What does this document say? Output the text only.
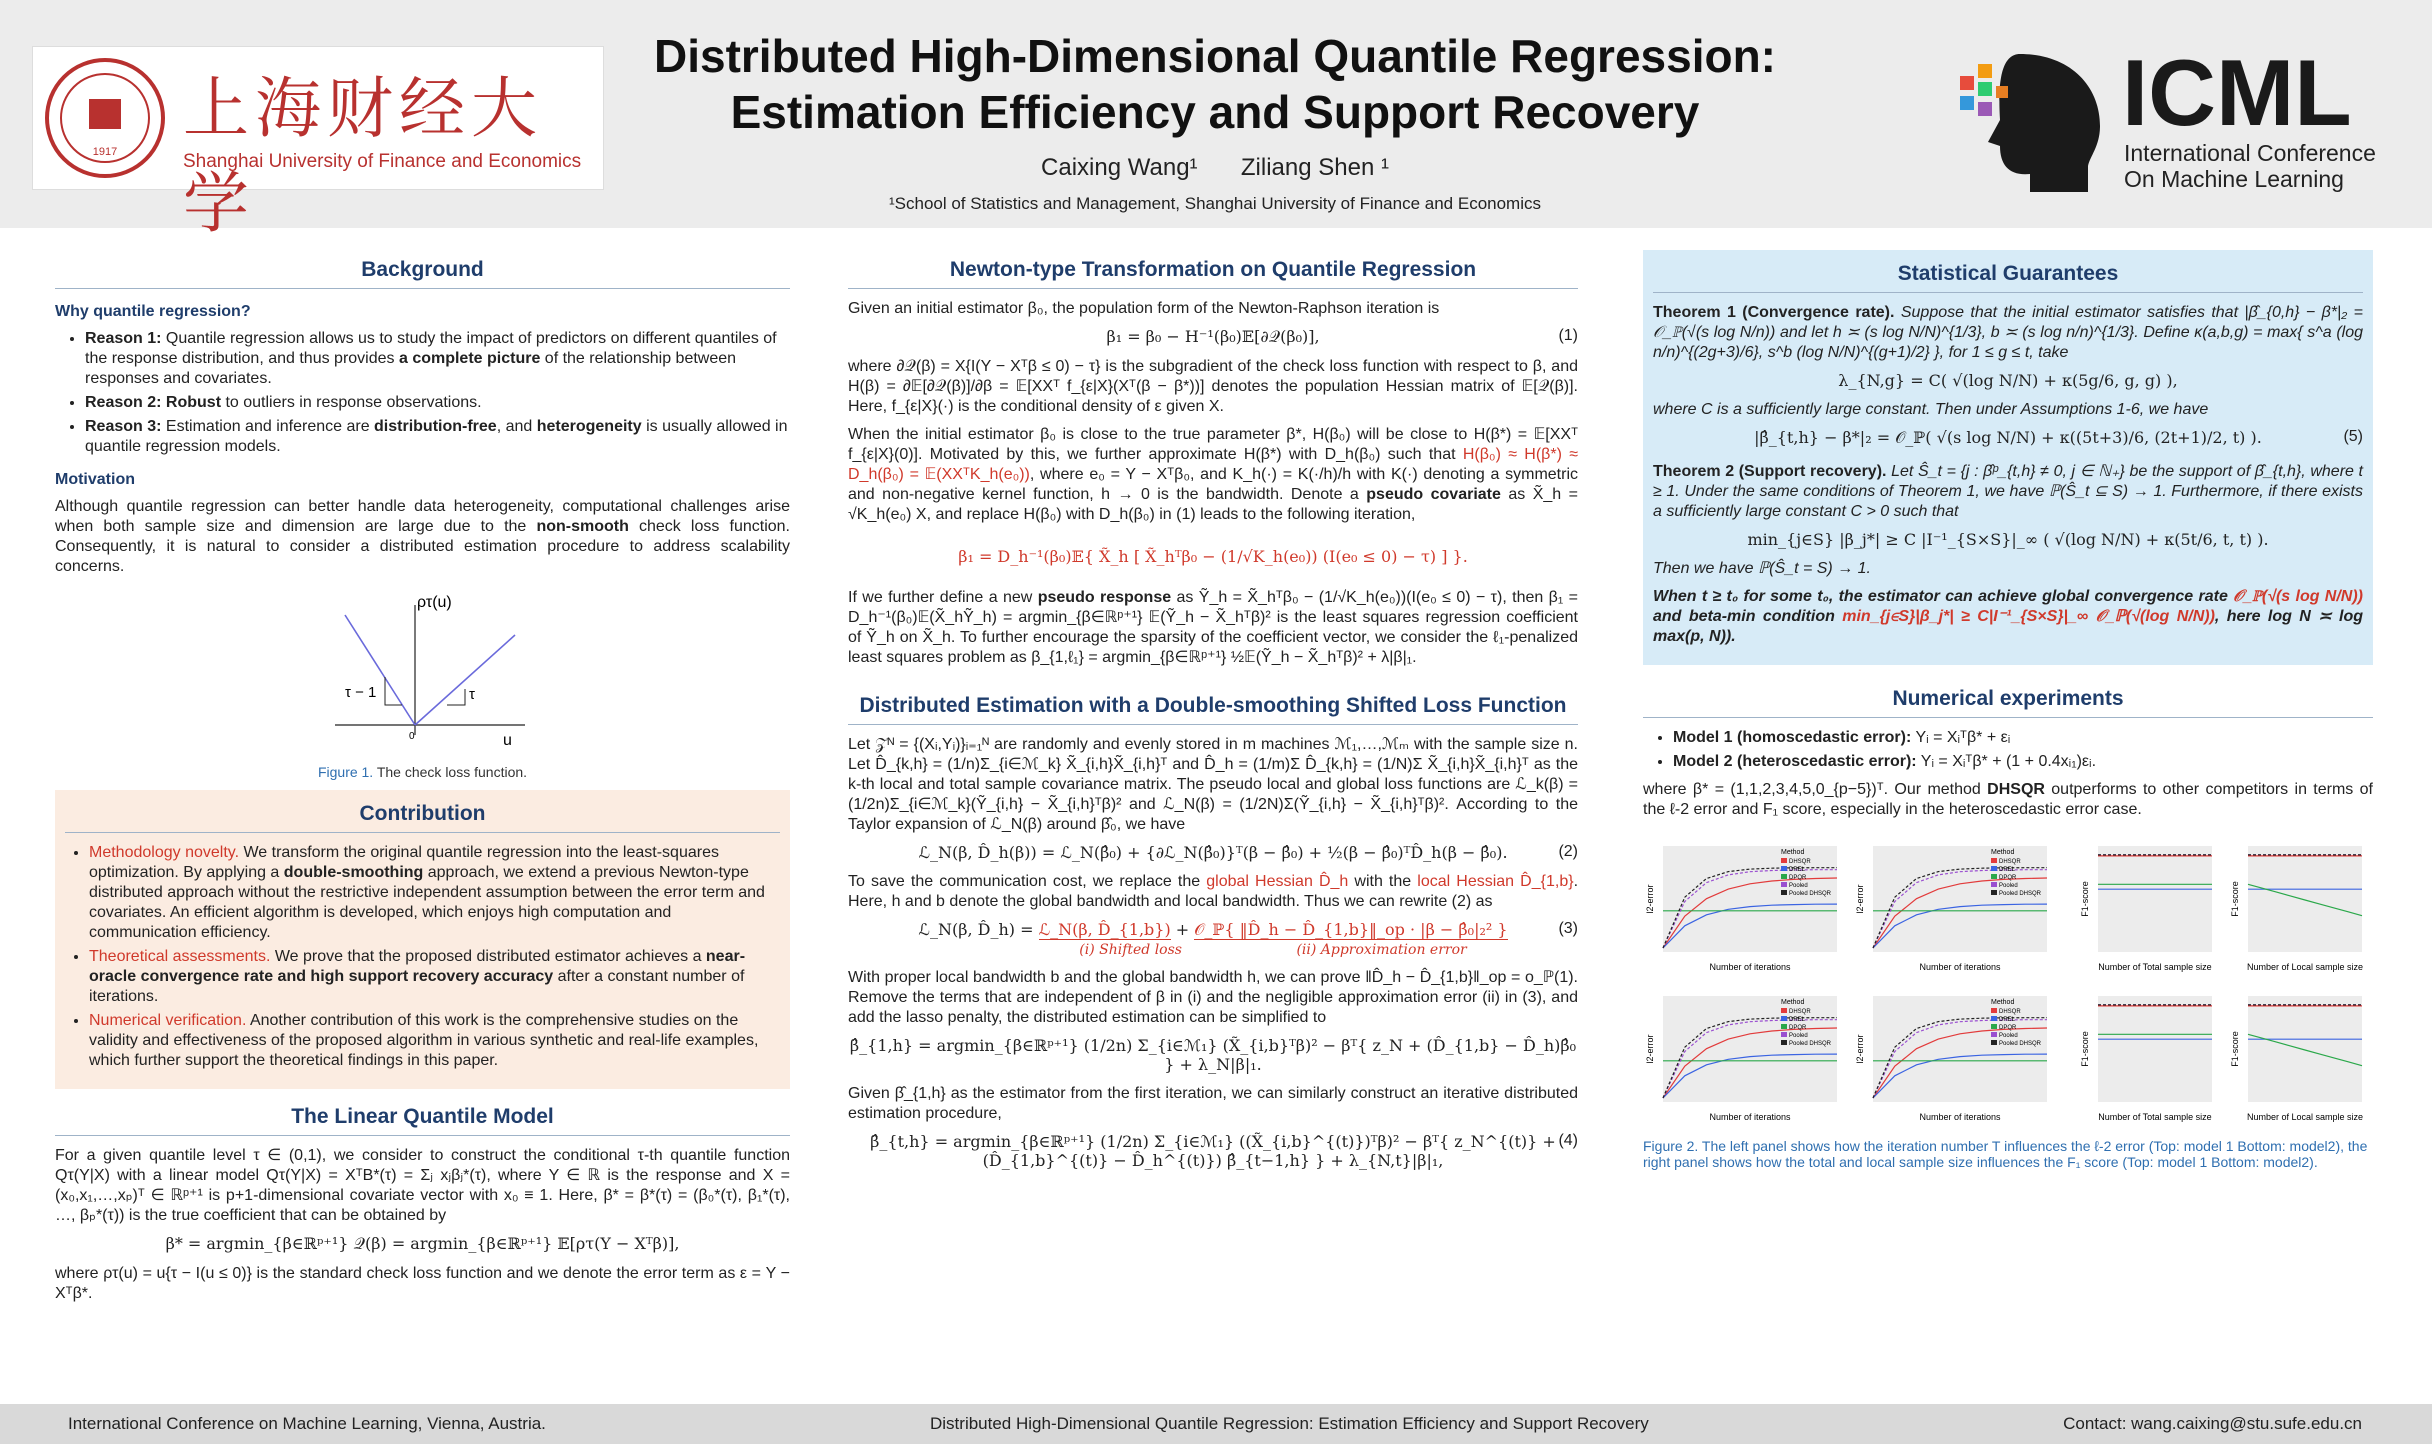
1917
上海财经大学
Shanghai University of Finance and Economics
Distributed High-Dimensional Quantile Regression:
Estimation Efficiency and Support Recovery
Caixing Wang¹ Ziliang Shen ¹
¹School of Statistics and Management, Shanghai University of Finance and Economics
ICML
International Conference
On Machine Learning
Background
Why quantile regression?
• Reason 1: Quantile regression allows us to study the impact of predictors on different quantiles of the response distribution, and thus provides a complete picture of the relationship between responses and covariates.
• Reason 2: Robust to outliers in response observations.
• Reason 3: Estimation and inference are distribution-free, and heterogeneity is usually allowed in quantile regression models.
Motivation

Although quantile regression can better handle data heterogeneity, computational challenges arise when both sample size and dimension are large due to the non-smooth check loss function. Consequently, it is natural to consider a distributed estimation procedure to address scalability concerns.

ρτ(u)
u
τ − 1	τ
0
Figure 1. The check loss function.
Contribution
• Methodology novelty. We transform the original quantile regression into the least-squares optimization. By applying a double-smoothing approach, we extend a previous Newton-type distributed approach without the restrictive independent assumption between the error term and covariates. An efficient algorithm is developed, which enjoys high computation and communication efficiency.
• Theoretical assessments. We prove that the proposed distributed estimator achieves a near-oracle convergence rate and high support recovery accuracy after a constant number of iterations.
• Numerical verification. Another contribution of this work is the comprehensive studies on the validity and effectiveness of the proposed algorithm in various synthetic and real-life examples, which further support the theoretical findings in this paper.
The Linear Quantile Model

For a given quantile level τ ∈ (0,1), we consider to construct the conditional τ-th quantile function Qτ(Y|X) with a linear model Qτ(Y|X) = XᵀΒ*(τ) = Σⱼ xⱼβⱼ*(τ), where Y ∈ ℝ is the response and X = (x₀,x₁,…,xₚ)ᵀ ∈ ℝᵖ⁺¹ is p+1-dimensional covariate vector with x₀ ≡ 1. Here, β* = β*(τ) = (β₀*(τ), β₁*(τ), …, βₚ*(τ)) is the true coefficient that can be obtained by

β* = argmin_{β∈ℝᵖ⁺¹} 𝒬(β) = argmin_{β∈ℝᵖ⁺¹} 𝔼[ρτ(Y − Xᵀβ)],

where ρτ(u) = u{τ − I(u ≤ 0)} is the standard check loss function and we denote the error term as ε = Y − Xᵀβ*.

Newton-type Transformation on Quantile Regression

Given an initial estimator β₀, the population form of the Newton-Raphson iteration is

β₁ = β₀ − H⁻¹(β₀)𝔼[∂𝒬(β₀)],	(1)

where ∂𝒬(β) = X{I(Y − Xᵀβ ≤ 0) − τ} is the subgradient of the check loss function with respect to β, and H(β) = ∂𝔼[∂𝒬(β)]/∂β = 𝔼[XXᵀ f_{ε|X}(Xᵀ(β − β*))] denotes the population Hessian matrix of 𝔼[𝒬(β)]. Here, f_{ε|X}(·) is the conditional density of ε given X.

When the initial estimator β₀ is close to the true parameter β*, H(β₀) will be close to H(β*) = 𝔼[XXᵀ f_{ε|X}(0)]. Motivated by this, we further approximate H(β*) with D_h(β₀) such that H(β₀) ≈ H(β*) ≈ D_h(β₀) = 𝔼(XXᵀK_h(e₀)), where e₀ = Y − Xᵀβ₀, and K_h(·) = K(·/h)/h with K(·) denoting a symmetric and non-negative kernel function, h → 0 is the bandwidth. Denote a pseudo covariate as X̃_h = √K_h(e₀) X, and replace H(β₀) with D_h(β₀) in (1) leads to the following iteration,

β₁ = D_h⁻¹(β₀)𝔼{ X̃_h [ X̃_hᵀβ₀ − (1/√K_h(e₀)) (I(e₀ ≤ 0) − τ) ] }.

If we further define a new pseudo response as Ỹ_h = X̃_hᵀβ₀ − (1/√K_h(e₀))(I(e₀ ≤ 0) − τ), then β₁ = D_h⁻¹(β₀)𝔼(X̃_hỸ_h) = argmin_{β∈ℝᵖ⁺¹} 𝔼(Ỹ_h − X̃_hᵀβ)² is the least squares regression coefficient of Ỹ_h on X̃_h. To further encourage the sparsity of the coefficient vector, we consider the ℓ₁-penalized least squares problem as β_{1,ℓ₁} = argmin_{β∈ℝᵖ⁺¹} ½𝔼(Ỹ_h − X̃_hᵀβ)² + λ|β|₁.

Distributed Estimation with a Double-smoothing Shifted Loss Function

Let 𝒵ᴺ = {(Xᵢ,Yᵢ)}ᵢ₌₁ᴺ are randomly and evenly stored in m machines ℳ₁,…,ℳₘ with the sample size n. Let D̂_{k,h} = (1/n)Σ_{i∈ℳ_k} X̃_{i,h}X̃_{i,h}ᵀ and D̂_h = (1/m)Σ D̂_{k,h} = (1/N)Σ X̃_{i,h}X̃_{i,h}ᵀ as the k-th local and total sample covariance matrix. The pseudo local and global loss functions are ℒ_k(β) = (1/2n)Σ_{i∈ℳ_k}(Ỹ_{i,h} − X̃_{i,h}ᵀβ)² and ℒ_N(β) = (1/2N)Σ(Ỹ_{i,h} − X̃_{i,h}ᵀβ)². According to the Taylor expansion of ℒ_N(β) around β̂₀, we have

ℒ_N(β, D̂_h(β)) = ℒ_N(β̂₀) + {∂ℒ_N(β̂₀)}ᵀ(β − β̂₀) + ½(β − β̂₀)ᵀD̂_h(β − β̂₀).	(2)

To save the communication cost, we replace the global Hessian D̂_h with the local Hessian D̂_{1,b}. Here, h and b denote the global bandwidth and local bandwidth. Thus we can rewrite (2) as

ℒ_N(β, D̂_h) = ℒ_N(β, D̂_{1,b}) + 𝒪_ℙ{ ‖D̂_h − D̂_{1,b}‖_op · |β − β̂₀|₂² }	(3)
(i) Shifted loss	(ii) Approximation error

With proper local bandwidth b and the global bandwidth h, we can prove ‖D̂_h − D̂_{1,b}‖_op = o_ℙ(1). Remove the terms that are independent of β in (i) and the negligible approximation error (ii) in (3), and add the lasso penalty, the distributed estimation can be simplified to

β̂_{1,h} = argmin_{β∈ℝᵖ⁺¹} (1/2n) Σ_{i∈ℳ₁} (X̃_{i,b}ᵀβ)² − βᵀ{ z_N + (D̂_{1,b} − D̂_h)β̂₀ } + λ_N|β|₁.

Given β̂_{1,h} as the estimator from the first iteration, we can similarly construct an iterative distributed estimation procedure,

β̂_{t,h} = argmin_{β∈ℝᵖ⁺¹} (1/2n) Σ_{i∈ℳ₁} ((X̃_{i,b}^{(t)})ᵀβ)² − βᵀ{ z_N^{(t)} + (D̂_{1,b}^{(t)} − D̂_h^{(t)}) β̂_{t−1,h} } + λ_{N,t}|β|₁,
(4)
Statistical Guarantees

Theorem 1 (Convergence rate). Suppose that the initial estimator satisfies that |β̂_{0,h} − β*|₂ = 𝒪_ℙ(√(s log N/n)) and let h ≍ (s log N/N)^{1/3}, b ≍ (s log n/n)^{1/3}. Define κ(a,b,g) = max{ s^a (log n/n)^{(2g+3)/6}, s^b (log N/N)^{(g+1)/2} }, for 1 ≤ g ≤ t, take

λ_{N,g} = C( √(log N/N) + κ(5g/6, g, g) ),

where C is a sufficiently large constant. Then under Assumptions 1-6, we have

|β̂_{t,h} − β*|₂ = 𝒪_ℙ( √(s log N/N) + κ((5t+3)/6, (2t+1)/2, t) ).	(5)

Theorem 2 (Support recovery). Let Ŝ_t = {j : β̂ᵖ_{t,h} ≠ 0, j ∈ ℕ₊} be the support of β̂_{t,h}, where t ≥ 1. Under the same conditions of Theorem 1, we have ℙ(Ŝ_t ⊆ S) → 1. Furthermore, if there exists a sufficiently large constant C > 0 such that

min_{j∈S} |β_j*| ≥ C |I⁻¹_{S×S}|_∞ ( √(log N/N) + κ(5t/6, t, t) ).

Then we have ℙ(Ŝ_t = S) → 1.

When t ≥ t₀ for some t₀, the estimator can achieve global convergence rate 𝒪_ℙ(√(s log N/N)) and beta-min condition min_{j∈S}|β_j*| ≥ C|I⁻¹_{S×S}|_∞ 𝒪_ℙ(√(log N/N)), here log N ≍ log max(p, N)).

Numerical experiments
• Model 1 (homoscedastic error): Yᵢ = Xᵢᵀβ* + εᵢ
• Model 2 (heteroscedastic error): Yᵢ = Xᵢᵀβ* + (1 + 0.4xᵢ₁)εᵢ.

where β* = (1,1,2,3,4,5,0_{p−5})ᵀ. Our method DHSQR outperforms to other competitors in terms of the ℓ-2 error and F₁ score, especially in the heteroscedastic error case.

Number of iterations
l2-error
Method
DHSQR
DREL
DPQR
Pooled
Pooled DHSQR
Number of iterations
l2-error
Method
DHSQR
DREL
DPQR
Pooled
Pooled DHSQR
Number of Total sample size
F1-score
Number of Local sample size
F1-score
Number of iterations
l2-error
Method
DHSQR
DREL
DPQR
Pooled
Pooled DHSQR
Number of iterations
l2-error
Method
DHSQR
DREL
DPQR
Pooled
Pooled DHSQR
Number of Total sample size
F1-score
Number of Local sample size
F1-score
Figure 2. The left panel shows how the iteration number T influences the ℓ-2 error (Top: model 1 Bottom: model2), the right panel shows how the total and local sample size influences the F₁ score (Top: model 1 Bottom: model2).
International Conference on Machine Learning, Vienna, Austria.	Distributed High-Dimensional Quantile Regression: Estimation Efficiency and Support Recovery	Contact: wang.caixing@stu.sufe.edu.cn
